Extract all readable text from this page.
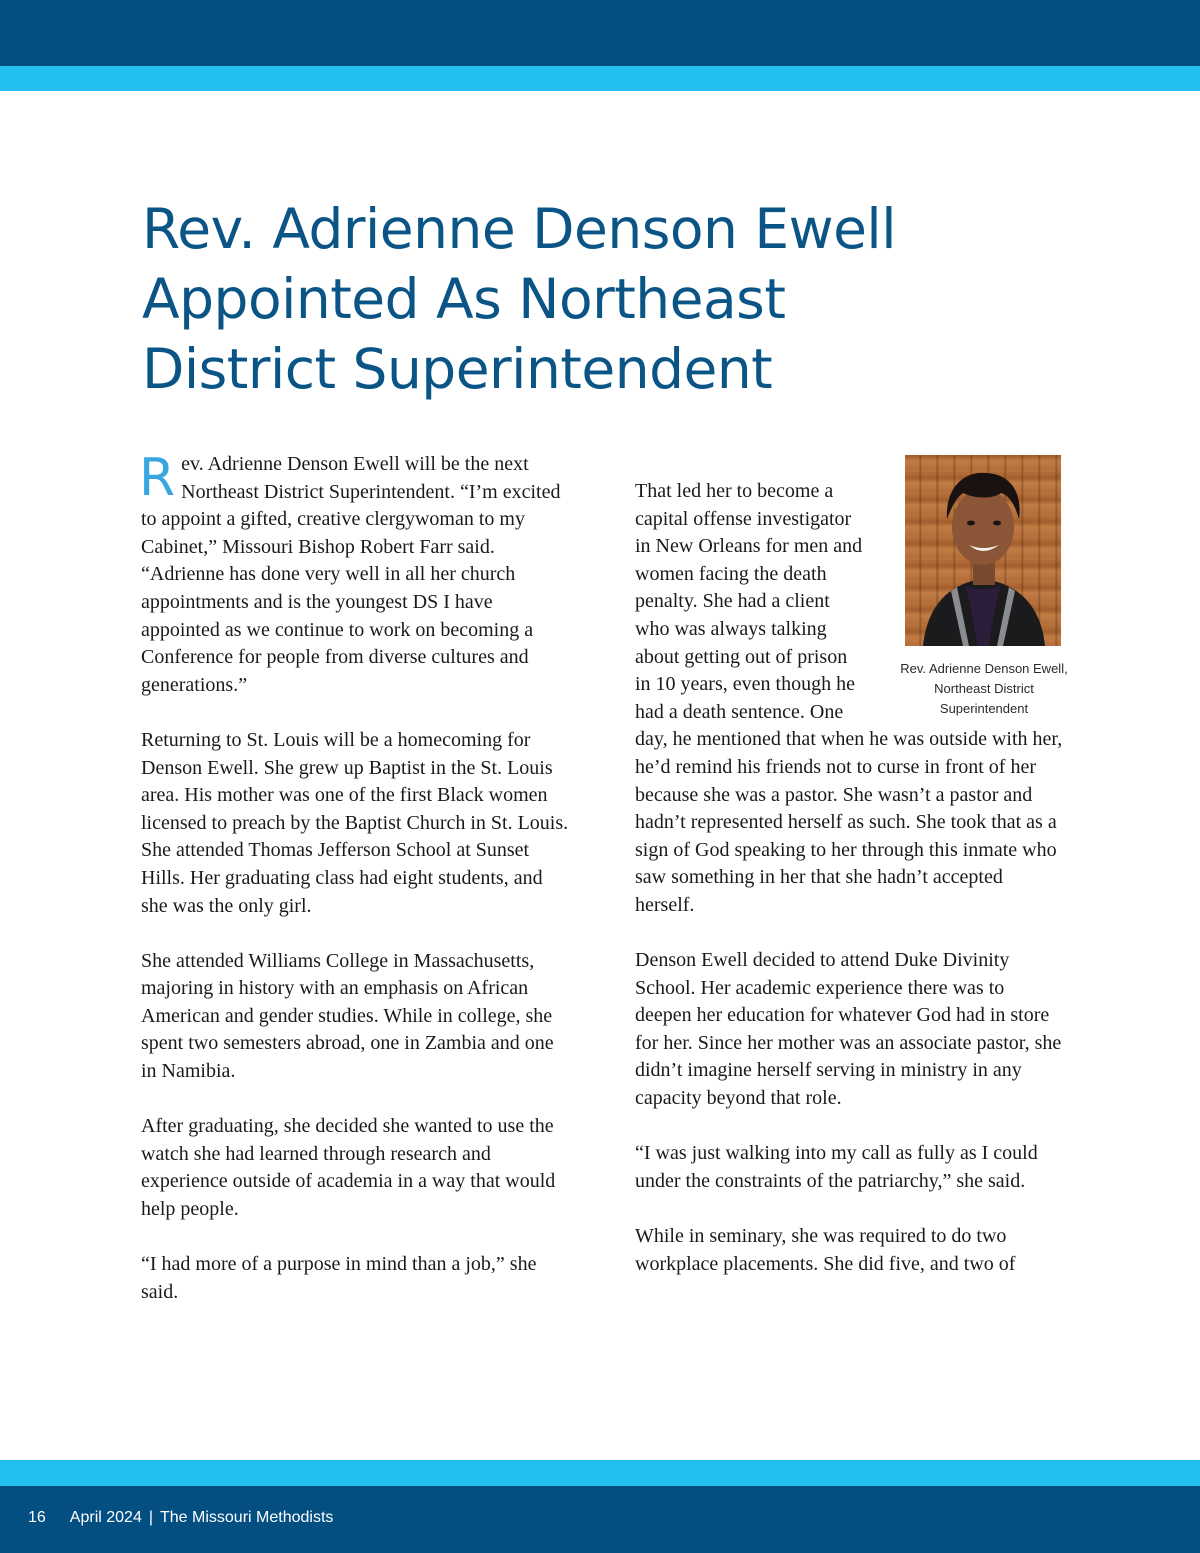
Rev. Adrienne Denson Ewell
Appointed As Northeast
District Superintendent

Rev. Adrienne Denson Ewell will be the next Northeast District Superintendent. “I’m excited to appoint a gifted, creative clergywoman to my Cabinet,” Missouri Bishop Robert Farr said. “Adrienne has done very well in all her church appointments and is the youngest DS I have appointed as we continue to work on becoming a Conference for people from diverse cultures and generations.”

Returning to St. Louis will be a homecoming for Denson Ewell. She grew up Baptist in the St. Louis area. His mother was one of the first Black women licensed to preach by the Baptist Church in St. Louis. She attended Thomas Jefferson School at Sunset Hills. Her graduating class had eight students, and she was the only girl.

She attended Williams College in Massachusetts, majoring in history with an emphasis on African American and gender studies. While in college, she spent two semesters abroad, one in Zambia and one in Namibia.

After graduating, she decided she wanted to use the watch she had learned through research and experience outside of academia in a way that would help people.

“I had more of a purpose in mind than a job,” she said.

Rev. Adrienne Denson Ewell, Northeast District Superintendent

That led her to become a capital offense investigator in New Orleans for men and women facing the death penalty. She had a client who was always talking about getting out of prison in 10 years, even though he had a death sentence. One day, he mentioned that when he was outside with her, he’d remind his friends not to curse in front of her because she was a pastor. She wasn’t a pastor and hadn’t represented herself as such. She took that as a sign of God speaking to her through this inmate who saw something in her that she hadn’t accepted herself.

Denson Ewell decided to attend Duke Divinity School. Her academic experience there was to deepen her education for whatever God had in store for her. Since her mother was an associate pastor, she didn’t imagine herself serving in ministry in any capacity beyond that role.

“I was just walking into my call as fully as I could under the constraints of the patriarchy,” she said.

While in seminary, she was required to do two workplace placements. She did five, and two of

16 April 2024 | The Missouri Methodists
